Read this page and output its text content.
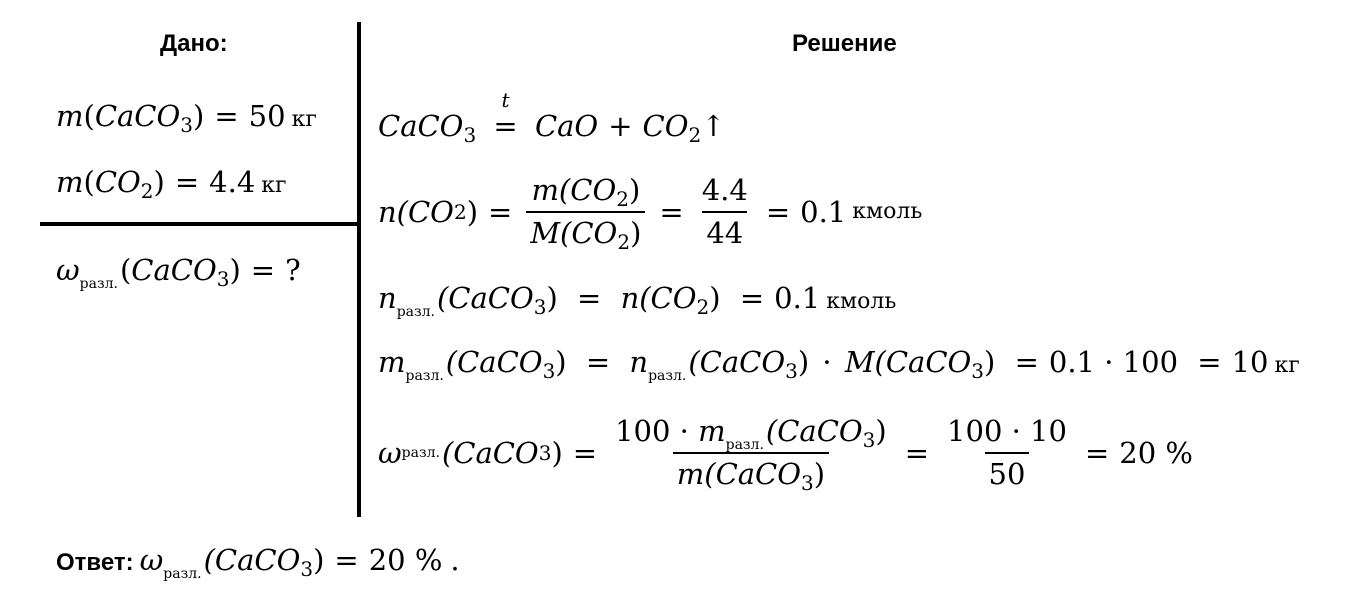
Дано:
m(CaCO$_3$) = 50 кг
$m(CO_2) = 4.4$ кг
$\omega_{разл.}(CaCO_3)$ = ?
Решение
CaCO$_3$
t
= CaO + $CO_2↑$
n(CO 2 ) = $\frac{m(CO_2)}{M(CO_2)} = \frac{4.4}{44} = 0.1$ кмоль
$n_{разл.}(CaCO_3) = n(CO_2) = 0.1$ кмоль
$m_{разл.}(CaCO_3)$ = $n_{разл.}(CaCO_3)$ · M(CaCO$_3$) = 0.1 · 100 = 10 кг
ω разл. (CaCO 3 ) = $\frac{100 \cdot m_{разл.}(CaCO_3)}{m(CaCO_3)} = \frac{100 \cdot 10}{50} = 20$ %
Ответ: $\omega_{разл.}(CaCO_3) = 20$ % .
